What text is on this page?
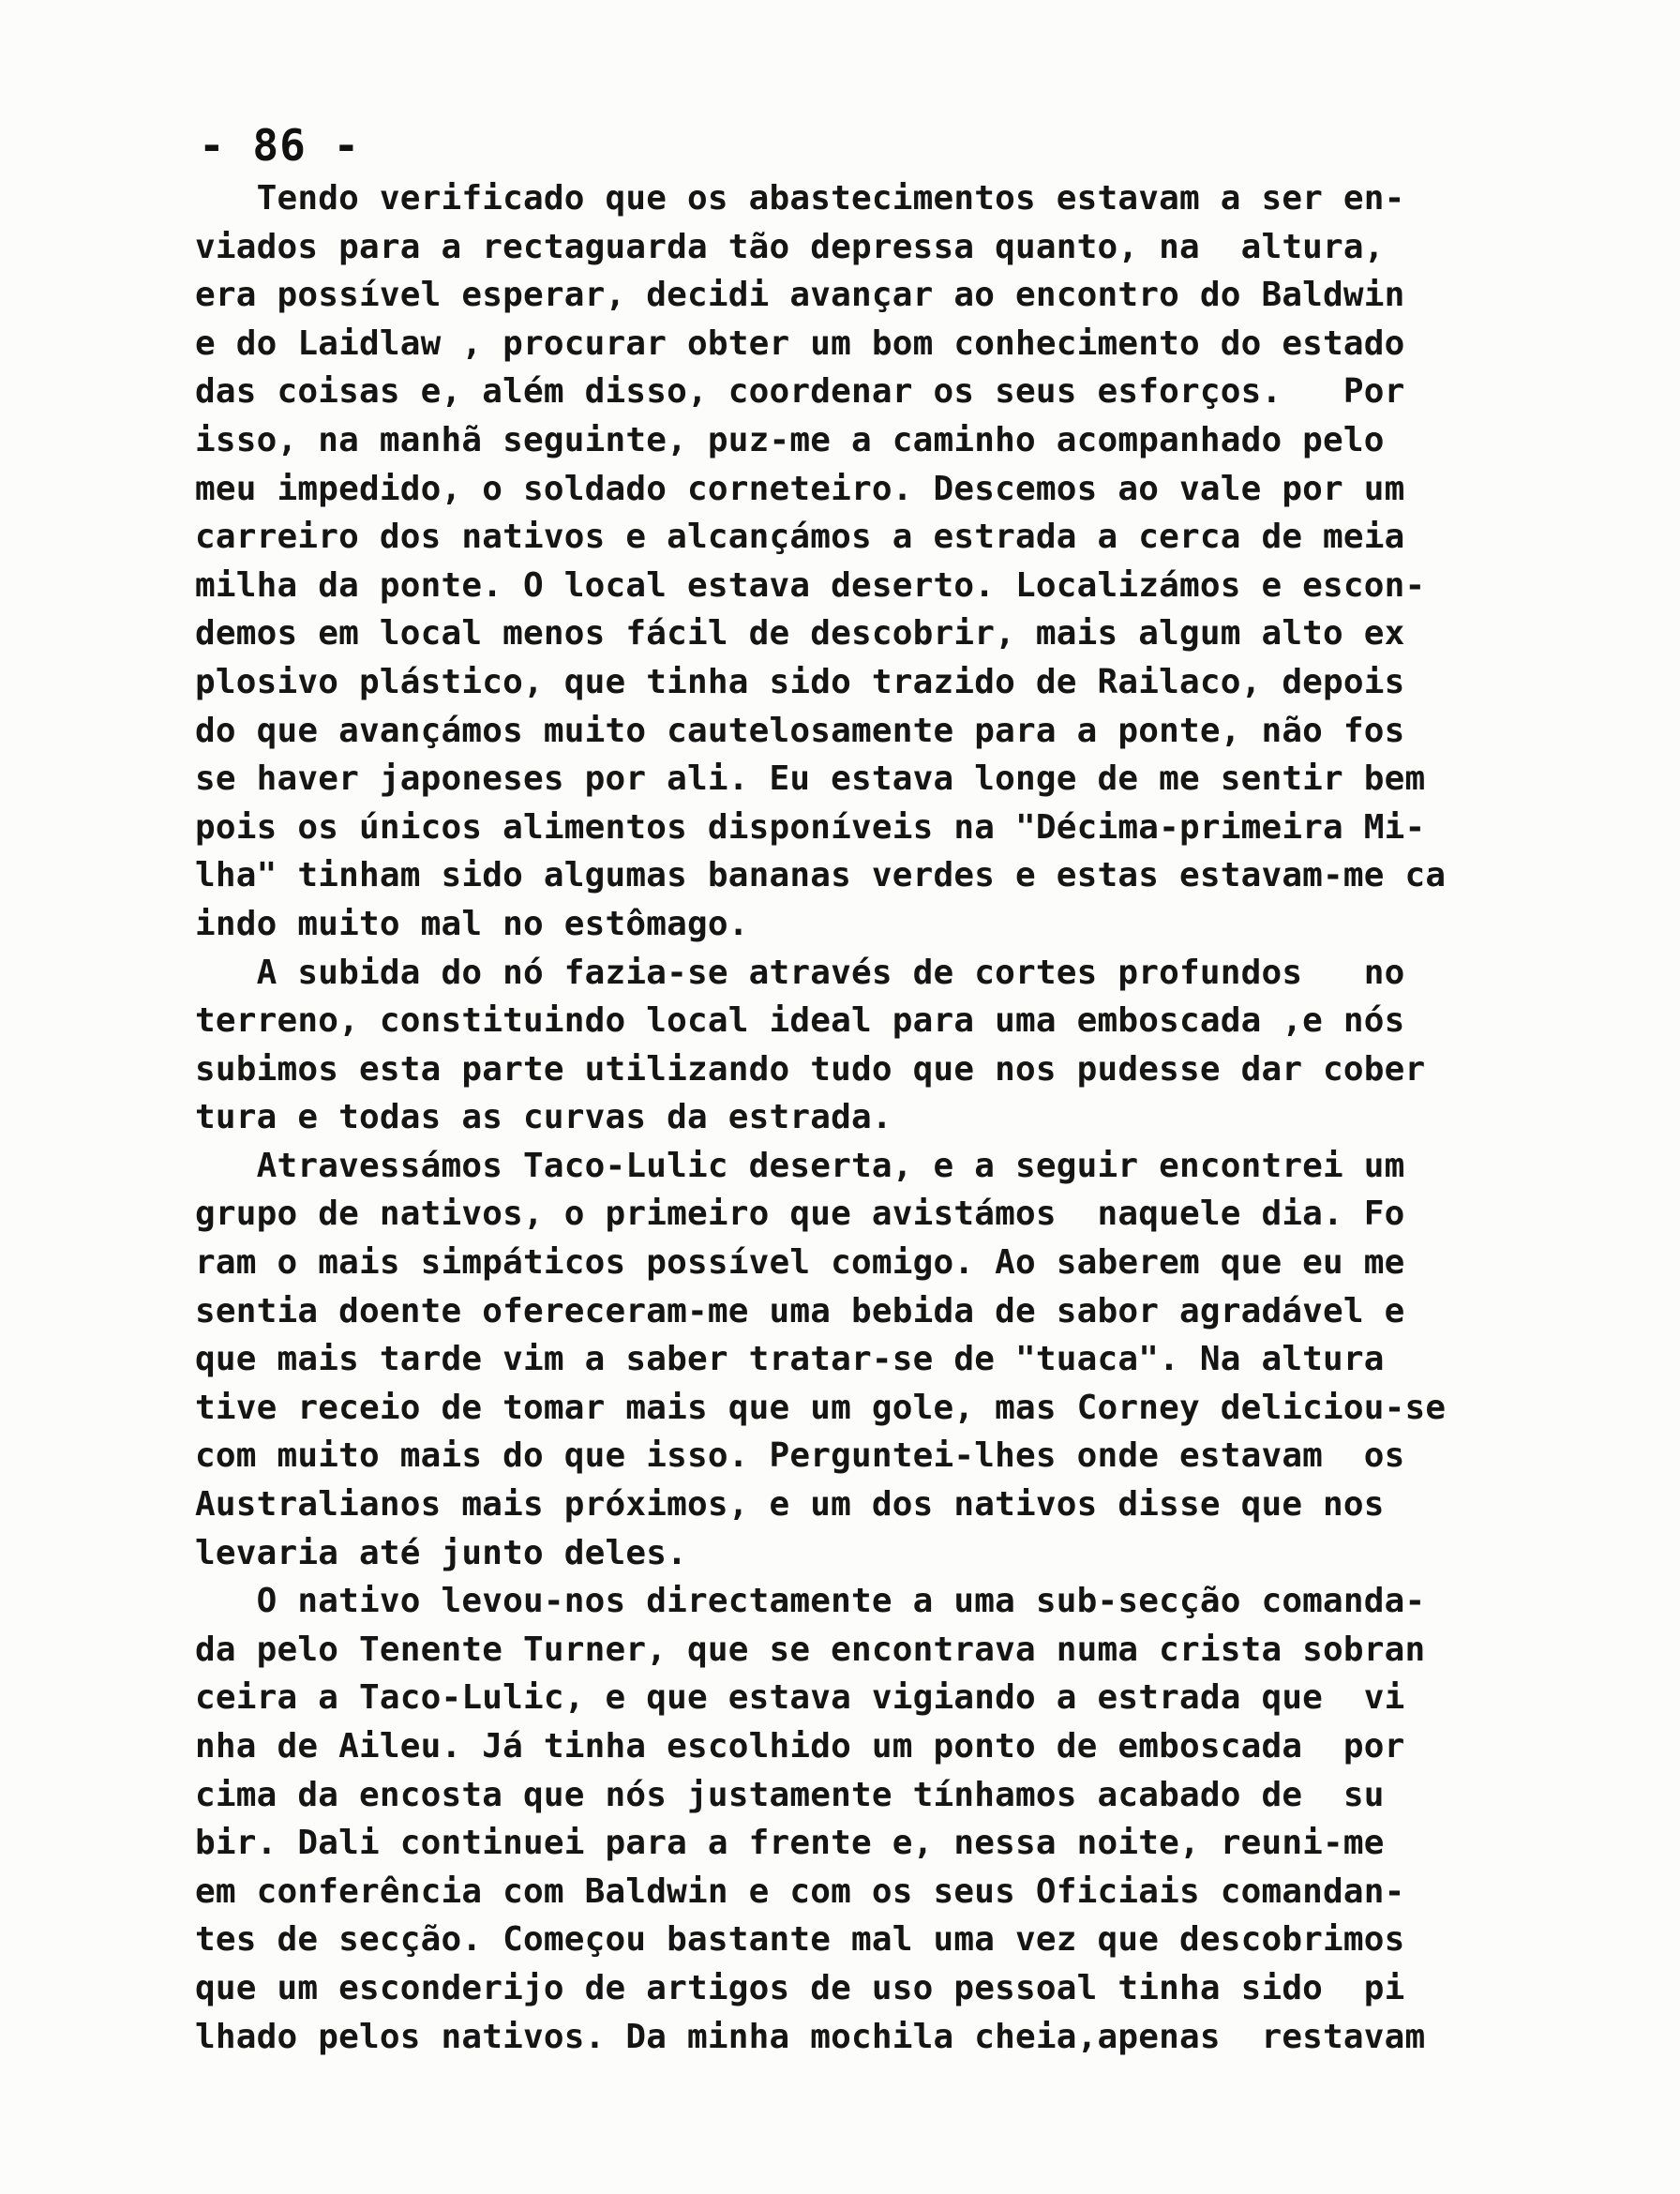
- 86 -
Tendo verificado que os abastecimentos estavam a ser en-
viados para a rectaguarda tão depressa quanto, na  altura,
era possível esperar, decidi avançar ao encontro do Baldwin
e do Laidlaw , procurar obter um bom conhecimento do estado
das coisas e, além disso, coordenar os seus esforços.   Por
isso, na manhã seguinte, puz-me a caminho acompanhado pelo
meu impedido, o soldado corneteiro. Descemos ao vale por um
carreiro dos nativos e alcançámos a estrada a cerca de meia
milha da ponte. O local estava deserto. Localizámos e escon-
demos em local menos fácil de descobrir, mais algum alto ex
plosivo plástico, que tinha sido trazido de Railaco, depois
do que avançámos muito cautelosamente para a ponte, não fos
se haver japoneses por ali. Eu estava longe de me sentir bem
pois os únicos alimentos disponíveis na "Décima-primeira Mi-
lha" tinham sido algumas bananas verdes e estas estavam-me ca
indo muito mal no estômago.
A subida do nó fazia-se através de cortes profundos   no
terreno, constituindo local ideal para uma emboscada ,e nós
subimos esta parte utilizando tudo que nos pudesse dar cober
tura e todas as curvas da estrada.
Atravessámos Taco-Lulic deserta, e a seguir encontrei um
grupo de nativos, o primeiro que avistámos  naquele dia. Fo
ram o mais simpáticos possível comigo. Ao saberem que eu me
sentia doente ofereceram-me uma bebida de sabor agradável e
que mais tarde vim a saber tratar-se de "tuaca". Na altura
tive receio de tomar mais que um gole, mas Corney deliciou-se
com muito mais do que isso. Perguntei-lhes onde estavam  os
Australianos mais próximos, e um dos nativos disse que nos
levaria até junto deles.
O nativo levou-nos directamente a uma sub-secção comanda-
da pelo Tenente Turner, que se encontrava numa crista sobran
ceira a Taco-Lulic, e que estava vigiando a estrada que  vi
nha de Aileu. Já tinha escolhido um ponto de emboscada  por
cima da encosta que nós justamente tínhamos acabado de  su
bir. Dali continuei para a frente e, nessa noite, reuni-me
em conferência com Baldwin e com os seus Oficiais comandan-
tes de secção. Começou bastante mal uma vez que descobrimos
que um esconderijo de artigos de uso pessoal tinha sido  pi
lhado pelos nativos. Da minha mochila cheia,apenas  restavam
